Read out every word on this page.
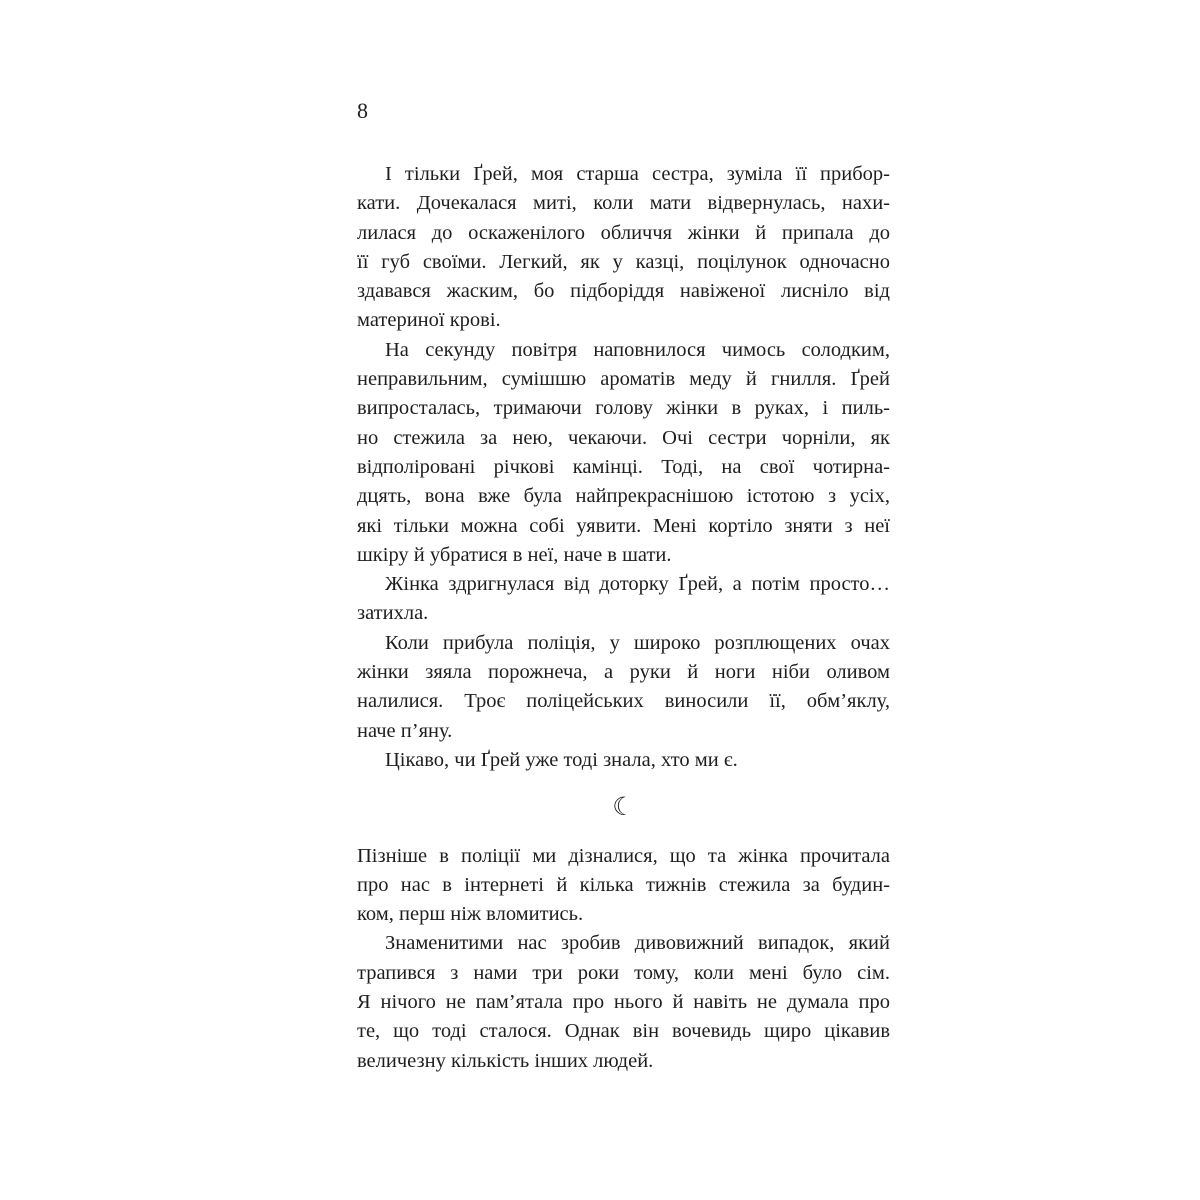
8
І тільки Ґрей, моя старша сестра, зуміла її прибор-
кати. Дочекалася миті, коли мати відвернулась, нахи-
лилася до оскаженілого обличчя жінки й припала до
її губ своїми. Легкий, як у казці, поцілунок одночасно
здавався жаским, бо підборіддя навіженої лисніло від
материної крові.
На секунду повітря наповнилося чимось солодким,
неправильним, сумішшю ароматів меду й гнилля. Ґрей
випросталась, тримаючи голову жінки в руках, і пиль-
но стежила за нею, чекаючи. Очі сестри чорніли, як
відполіровані річкові камінці. Тоді, на свої чотирна-
дцять, вона вже була найпрекраснішою істотою з усіх,
які тільки можна собі уявити. Мені кортіло зняти з неї
шкіру й убратися в неї, наче в шати.
Жінка здригнулася від доторку Ґрей, а потім просто…
затихла.
Коли прибула поліція, у широко розплющених очах
жінки зяяла порожнеча, а руки й ноги ніби оливом
налилися. Троє поліцейських виносили її, обм’яклу,
наче п’яну.
Цікаво, чи Ґрей уже тоді знала, хто ми є.
☾
Пізніше в поліції ми дізналися, що та жінка прочитала
про нас в інтернеті й кілька тижнів стежила за будин-
ком, перш ніж вломитись.
Знаменитими нас зробив дивовижний випадок, який
трапився з нами три роки тому, коли мені було сім.
Я нічого не пам’ятала про нього й навіть не думала про
те, що тоді сталося. Однак він вочевидь щиро цікавив
величезну кількість інших людей.
